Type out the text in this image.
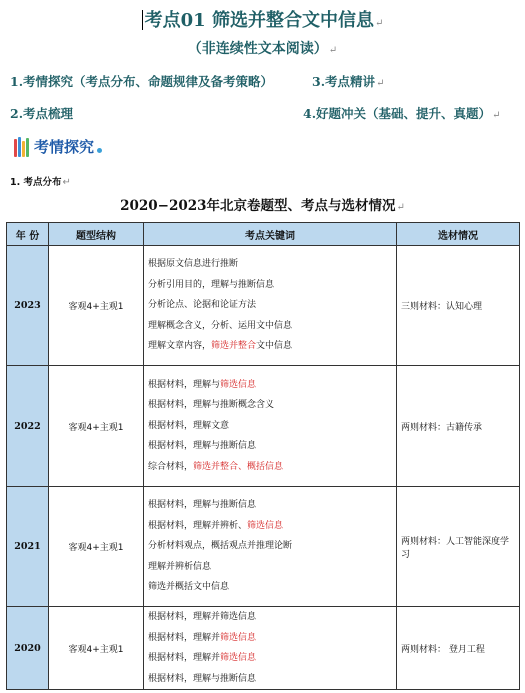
考点01 筛选并整合文中信息↵
（非连续性文本阅读）↵
1.考情探究（考点分布、命题规律及备考策略）	3.考点精讲↵
2.考点梳理	4.好题冲关（基础、提升、真题）↵
考情探究
1. 考点分布↵
2020−2023年北京卷题型、考点与选材情况↵
年 份	题型结构	考点关键词	选材情况
2023	客观4+主观1	根据原文信息进行推断
分析引用目的，理解与推断信息
分析论点、论据和论证方法
理解概念含义，分析、运用文中信息
理解文章内容，筛选并整合文中信息	三则材料：认知心理
2022	客观4+主观1	根据材料，理解与筛选信息
根据材料，理解与推断概念含义
根据材料，理解文意
根据材料，理解与推断信息
综合材料，筛选并整合、概括信息	两则材料：古籍传承
2021	客观4+主观1	根据材料，理解与推断信息
根据材料，理解并辨析、筛选信息
分析材料观点，概括观点并推理论断
理解并辨析信息
筛选并概括文中信息	两则材料：人工智能深度学习
2020	客观4+主观1	根据材料，理解并筛选信息
根据材料，理解并筛选信息
根据材料，理解并筛选信息
根据材料，理解与推断信息	两则材料： 登月工程
